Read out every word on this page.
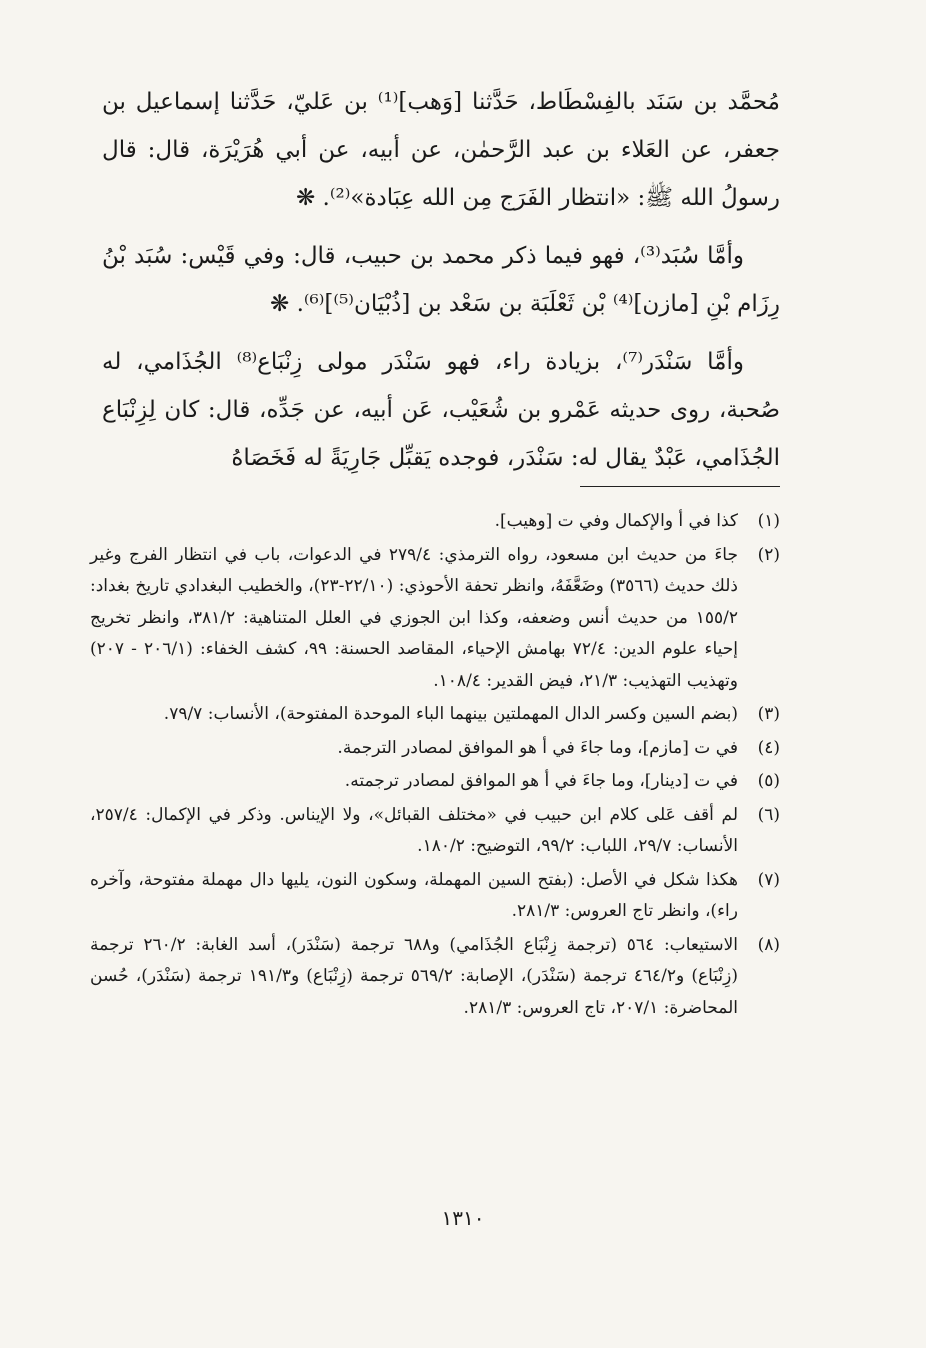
مُحمَّد بن سَنَد بالفِسْطَاط، حَدَّثنا [وَهب]⁽¹⁾ بن عَليّ، حَدَّثنا إسماعيل بن جعفر، عن العَلاء بن عبد الرَّحمٰن، عن أبيه، عن أبي هُرَيْرَة، قال: قال رسولُ الله ﷺ: «انتظار الفَرَج مِن الله عِبَادة»⁽²⁾. ❋

وأمَّا سُبَد⁽³⁾، فهو فيما ذكر محمد بن حبيب، قال: وفي قَيْس: سُبَد بْنُ رِزَام بْنِ [مازن]⁽⁴⁾ بْن ثَعْلَبَة بن سَعْد بن [ذُبْيَان⁽⁵⁾]⁽⁶⁾. ❋

وأمَّا سَنْدَر⁽⁷⁾، بزيادة راء، فهو سَنْدَر مولى زِنْبَاع⁽⁸⁾ الجُذَامي، له صُحبة، روى حديثه عَمْرو بن شُعَيْب، عَن أبيه، عن جَدِّه، قال: كان لِزِنْبَاع الجُذَامي، عَبْدٌ يقال له: سَنْدَر، فوجده يَقبِّل جَارِيَةً له فَخَصَاهُ

(١)
كذا في أ والإكمال وفي ت [وهيب].
(٢)
جاءَ من حديث ابن مسعود، رواه الترمذي: ٢٧٩/٤ في الدعوات، باب في انتظار الفرج وغير ذلك حديث (٣٥٦٦) وضَعَّفَهُ، وانظر تحفة الأحوذي: (٢٢/١٠-٢٣)، والخطيب البغدادي تاريخ بغداد: ١٥٥/٢ من حديث أنس وضعفه، وكذا ابن الجوزي في العلل المتناهية: ٣٨١/٢، وانظر تخريج إحياء علوم الدين: ٧٢/٤ بهامش الإحياء، المقاصد الحسنة: ٩٩، كشف الخفاء: (٢٠٦/١ - ٢٠٧) وتهذيب التهذيب: ٢١/٣، فيض القدير: ١٠٨/٤.
(٣)
(بضم السين وكسر الدال المهملتين بينهما الباء الموحدة المفتوحة)، الأنساب: ٧٩/٧.
(٤)
في ت [مازم]، وما جاءَ في أ هو الموافق لمصادر الترجمة.
(٥)
في ت [دينار]، وما جاءَ في أ هو الموافق لمصادر ترجمته.
(٦)
لم أقف عَلى كلام ابن حبيب في «مختلف القبائل»، ولا الإيناس. وذكر في الإكمال: ٢٥٧/٤، الأنساب: ٢٩/٧، اللباب: ٩٩/٢، التوضيح: ١٨٠/٢.
(٧)
هكذا شكل في الأصل: (بفتح السين المهملة، وسكون النون، يليها دال مهملة مفتوحة، وآخره راء)، وانظر تاج العروس: ٢٨١/٣.
(٨)
الاستيعاب: ٥٦٤ (ترجمة زِنْبَاع الجُذَامي) و٦٨٨ ترجمة (سَنْدَر)، أسد الغابة: ٢٦٠/٢ ترجمة (زِنْبَاع) و٤٦٤/٢ ترجمة (سَنْدَر)، الإصابة: ٥٦٩/٢ ترجمة (زِنْبَاع) و١٩١/٣ ترجمة (سَنْدَر)، حُسن المحاضرة: ٢٠٧/١، تاج العروس: ٢٨١/٣.
١٣١٠
